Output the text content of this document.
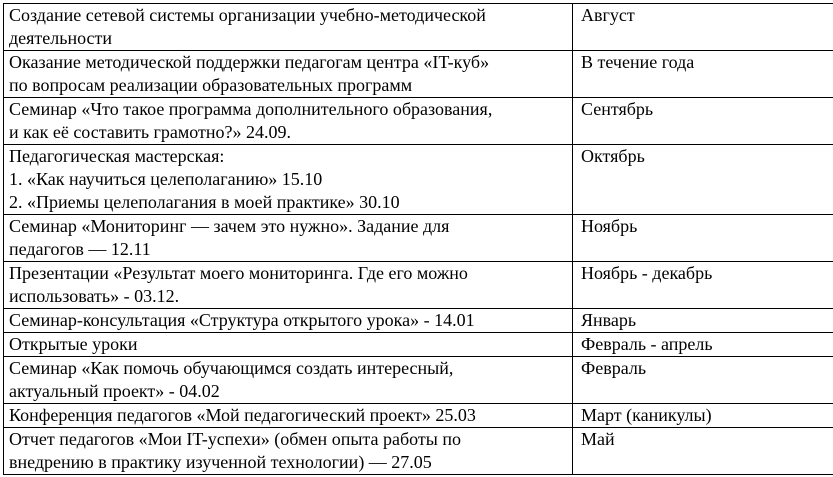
Создание сетевой системы организации учебно-методической
деятельности	Август
Оказание методической поддержки педагогам центра «IT-куб»
по вопросам реализации образовательных программ	В течение года
Семинар «Что такое программа дополнительного образования,
и как её составить грамотно?» 24.09.	Сентябрь
Педагогическая мастерская:
1. «Как научиться целеполаганию» 15.10
2. «Приемы целеполагания в моей практике» 30.10	Октябрь
Семинар «Мониторинг — зачем это нужно». Задание для
педагогов — 12.11	Ноябрь
Презентации «Результат моего мониторинга. Где его можно
использовать» - 03.12.	Ноябрь - декабрь
Семинар-консультация «Структура открытого урока» - 14.01	Январь
Открытые уроки	Февраль - апрель
Семинар «Как помочь обучающимся создать интересный,
актуальный проект» - 04.02	Февраль
Конференция педагогов «Мой педагогический проект» 25.03	Март (каникулы)
Отчет педагогов «Мои IT-успехи» (обмен опыта работы по
внедрению в практику изученной технологии) — 27.05	Май
